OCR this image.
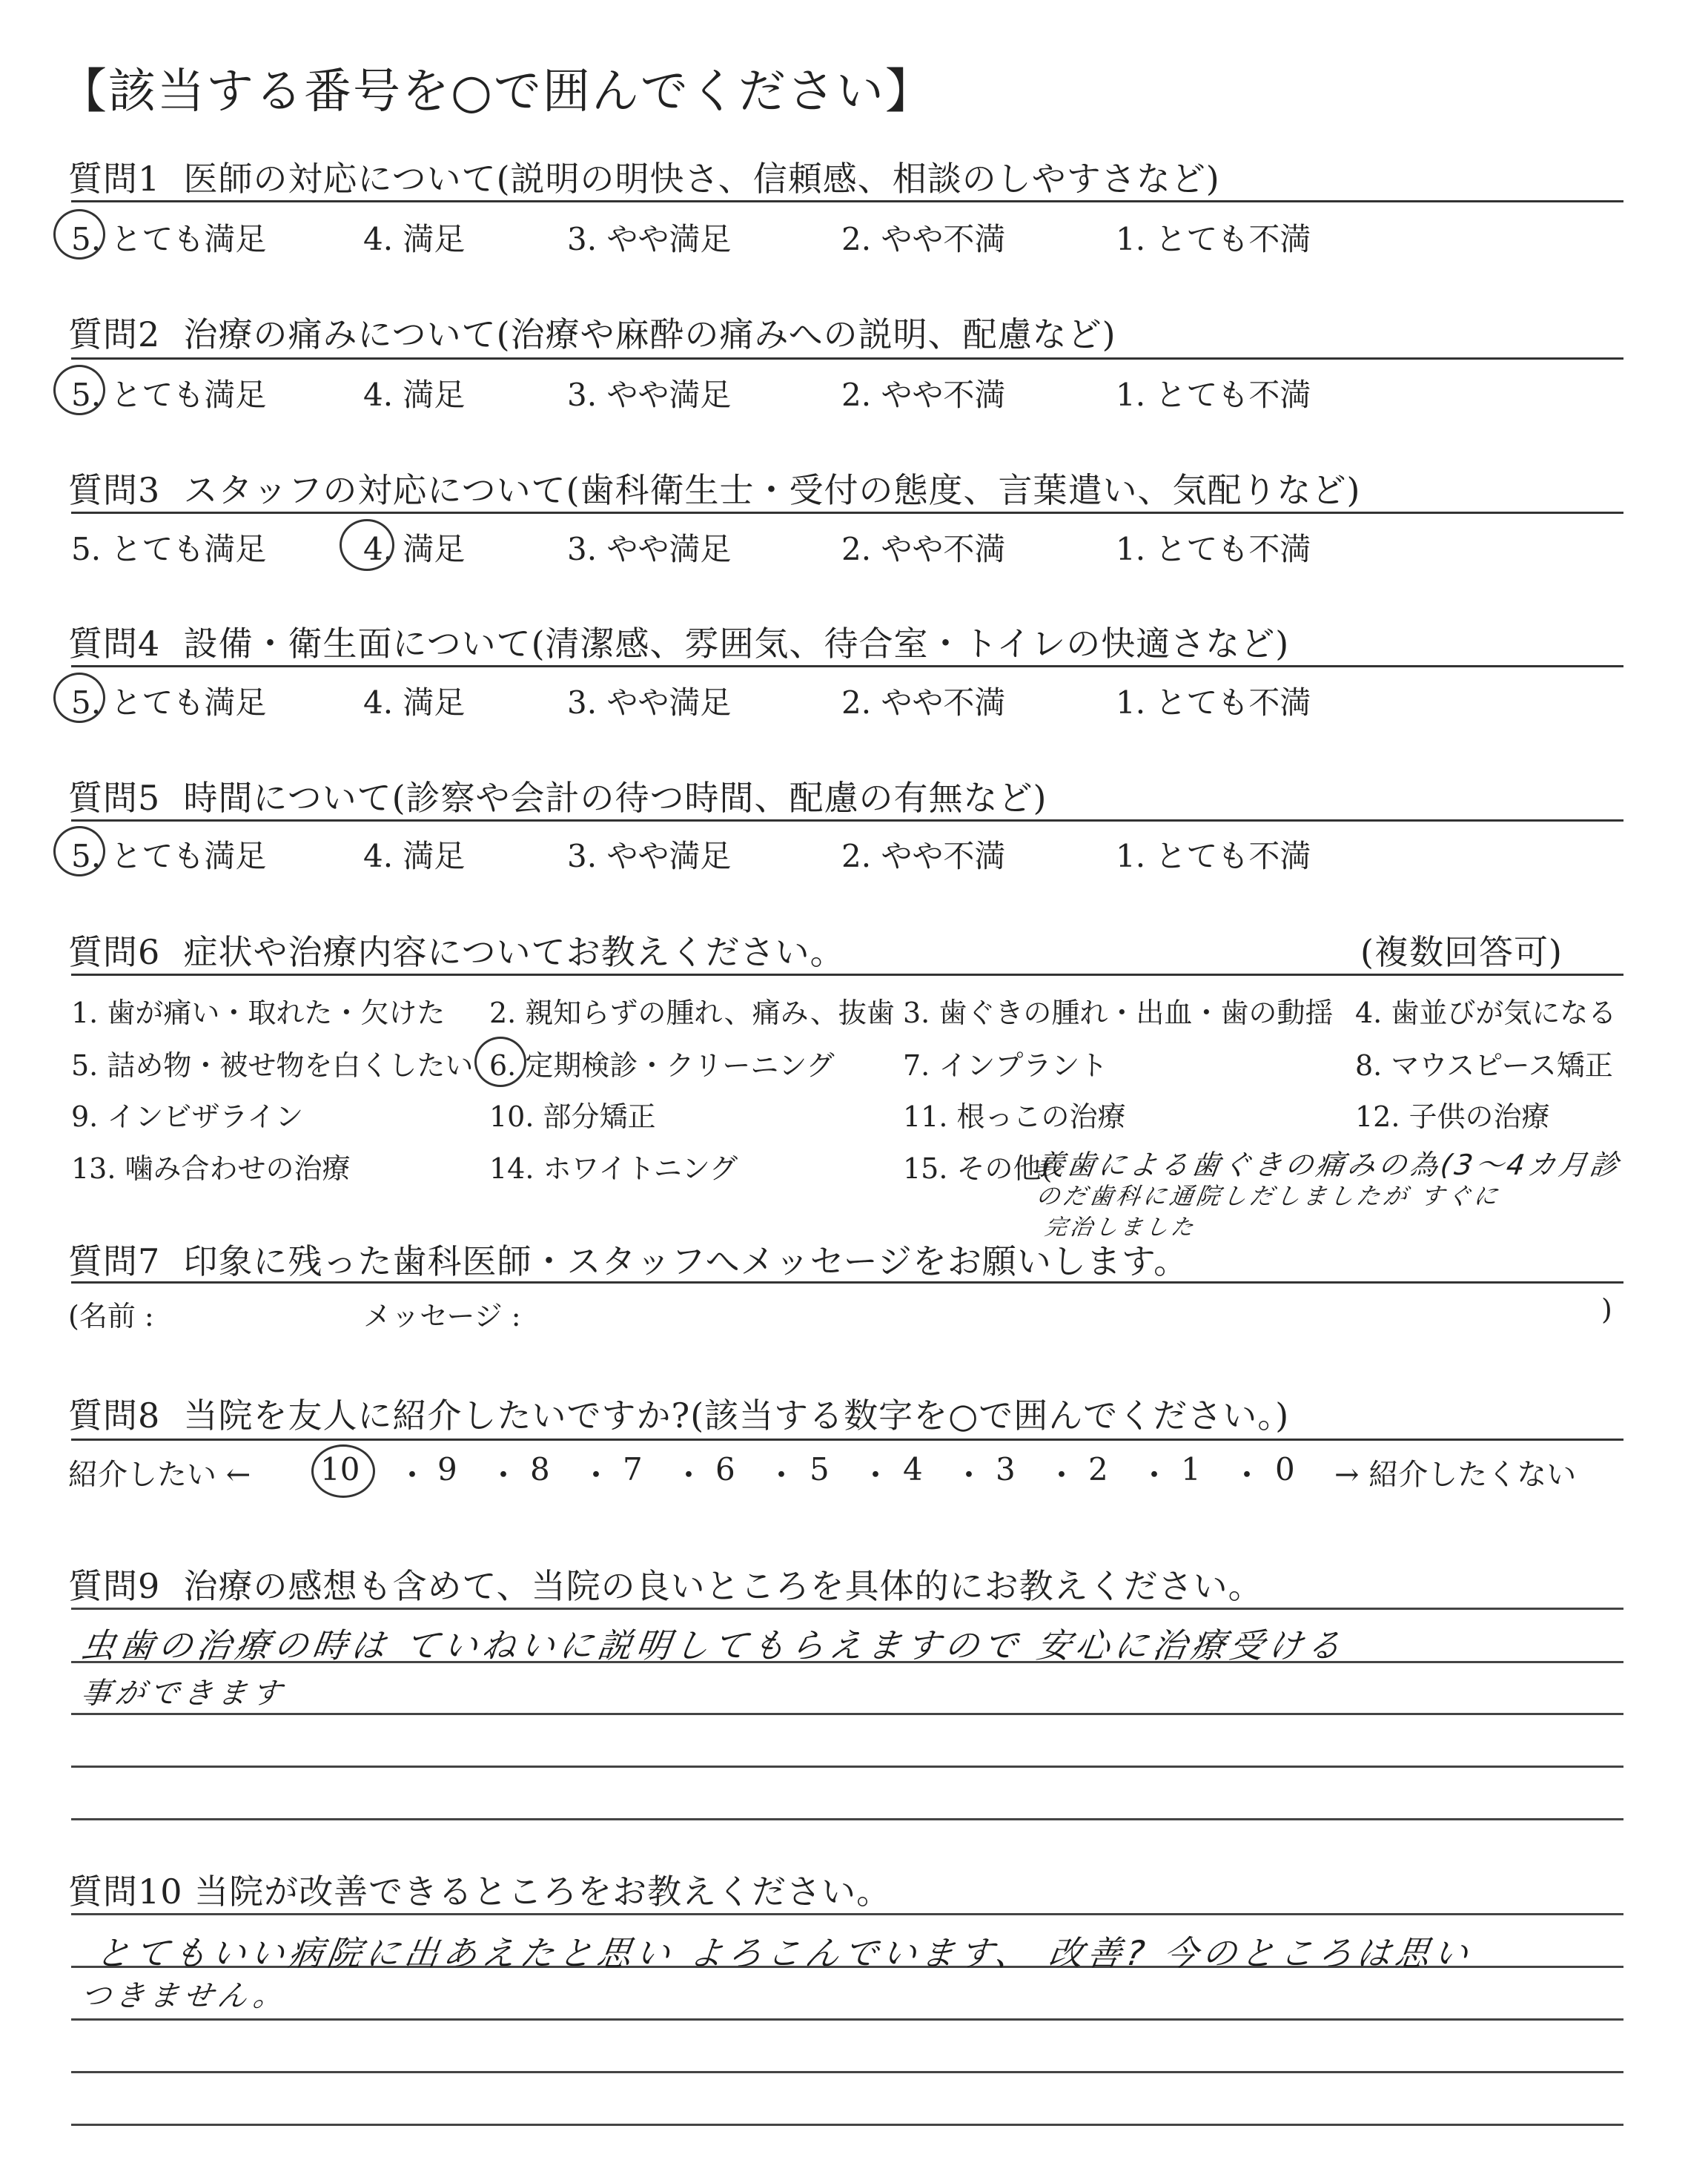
【該当する番号を○で囲んでください】
質問1 医師の対応について(説明の明快さ、信頼感、相談のしやすさなど)
5. とても満足	4. 満足	3. やや満足	2. やや不満	1. とても不満
質問2 治療の痛みについて(治療や麻酔の痛みへの説明、配慮など)
5. とても満足	4. 満足	3. やや満足	2. やや不満	1. とても不満
質問3 スタッフの対応について(歯科衛生士・受付の態度、言葉遣い、気配りなど)
5. とても満足	4. 満足	3. やや満足	2. やや不満	1. とても不満
質問4 設備・衛生面について(清潔感、雰囲気、待合室・トイレの快適さなど)
5. とても満足	4. 満足	3. やや満足	2. やや不満	1. とても不満
質問5 時間について(診察や会計の待つ時間、配慮の有無など)
5. とても満足	4. 満足	3. やや満足	2. やや不満	1. とても不満
質問6 症状や治療内容についてお教えください。	(複数回答可)
1. 歯が痛い・取れた・欠けた 2. 親知らずの腫れ、痛み、抜歯 3. 歯ぐきの腫れ・出血・歯の動揺 4. 歯並びが気になる
5. 詰め物・被せ物を白くしたい 6. 定期検診・クリーニング 7. インプラント	8. マウスピース矯正
9. インビザライン	10. 部分矯正	11. 根っこの治療	12. 子供の治療
13. 噛み合わせの治療	14. ホワイトニング	15. その他(
義歯による歯ぐきの痛みの為(3〜4カ月診
のだ歯科に通院しだしましたが すぐに
完治しました
質問7 印象に残った歯科医師・スタッフへメッセージをお願いします。
(名前 :	メッセージ :	)
質問8 当院を友人に紹介したいですか?(該当する数字を○で囲んでください。)
紹介したい ← 10 ・ 9 ・ 8 ・ 7 ・ 6 ・ 5 ・ 4 ・ 3 ・ 2 ・ 1 ・ 0 → 紹介したくない
質問9 治療の感想も含めて、当院の良いところを具体的にお教えください。
虫歯の治療の時は ていねいに説明してもらえますので 安心に治療受ける
事ができます
質問10 当院が改善できるところをお教えください。
とてもいい病院に出あえたと思い よろこんでいます、 改善? 今のところは思い
つきません。
